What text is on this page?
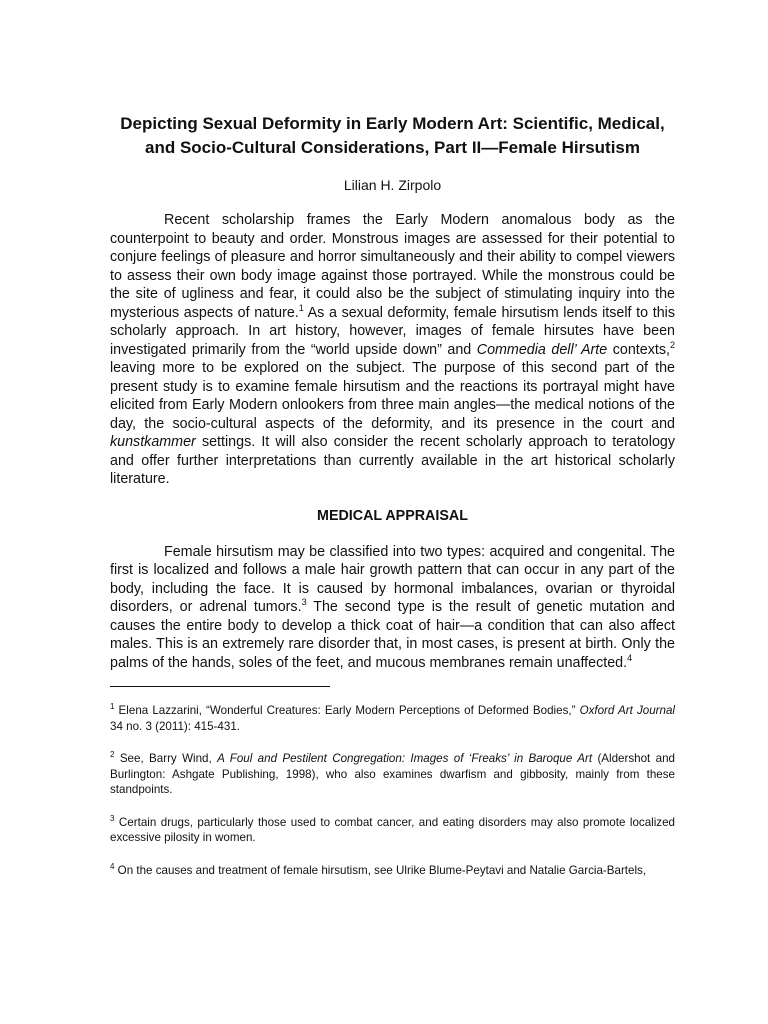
Depicting Sexual Deformity in Early Modern Art: Scientific, Medical, and Socio-Cultural Considerations, Part II—Female Hirsutism

Lilian H. Zirpolo

Recent scholarship frames the Early Modern anomalous body as the counterpoint to beauty and order. Monstrous images are assessed for their potential to conjure feelings of pleasure and horror simultaneously and their ability to compel viewers to assess their own body image against those portrayed. While the monstrous could be the site of ugliness and fear, it could also be the subject of stimulating inquiry into the mysterious aspects of nature.$^1$ As a sexual deformity, female hirsutism lends itself to this scholarly approach. In art history, however, images of female hirsutes have been investigated primarily from the “world upside down” and Commedia dell’ Arte contexts,$^2$ leaving more to be explored on the subject. The purpose of this second part of the present study is to examine female hirsutism and the reactions its portrayal might have elicited from Early Modern onlookers from three main angles—the medical notions of the day, the socio-cultural aspects of the deformity, and its presence in the court and kunstkammer settings. It will also consider the recent scholarly approach to teratology and offer further interpretations than currently available in the art historical scholarly literature.

MEDICAL APPRAISAL

Female hirsutism may be classified into two types: acquired and congenital. The first is localized and follows a male hair growth pattern that can occur in any part of the body, including the face. It is caused by hormonal imbalances, ovarian or thyroidal disorders, or adrenal tumors.$^3$ The second type is the result of genetic mutation and causes the entire body to develop a thick coat of hair—a condition that can also affect males. This is an extremely rare disorder that, in most cases, is present at birth. Only the palms of the hands, soles of the feet, and mucous membranes remain unaffected.$^4$

$^1$ Elena Lazzarini, “Wonderful Creatures: Early Modern Perceptions of Deformed Bodies,” Oxford Art Journal 34 no. 3 (2011): 415-431.

$^2$ See, Barry Wind, A Foul and Pestilent Congregation: Images of ‘Freaks’ in Baroque Art (Aldershot and Burlington: Ashgate Publishing, 1998), who also examines dwarfism and gibbosity, mainly from these standpoints.

$^3$ Certain drugs, particularly those used to combat cancer, and eating disorders may also promote localized excessive pilosity in women.

$^4$ On the causes and treatment of female hirsutism, see Ulrike Blume-Peytavi and Natalie Garcia-Bartels,
